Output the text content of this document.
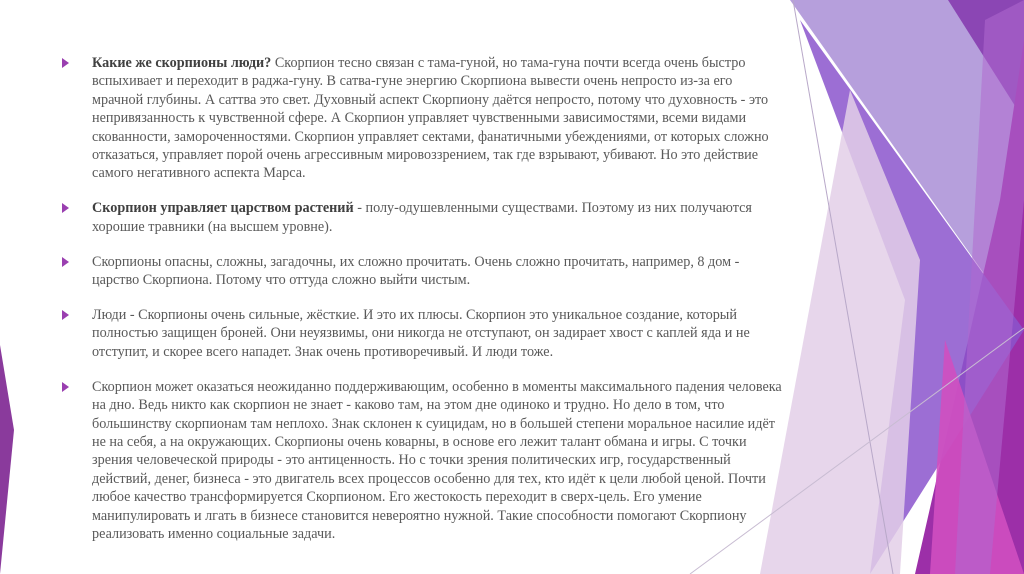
Какие же скорпионы люди? Скорпион тесно связан с тама-гуной, но тама-гуна почти всегда очень быстро вспыхивает и переходит в раджа-гуну. В сатва-гуне энергию Скорпиона вывести очень непросто из-за его мрачной глубины. А саттва это свет. Духовный аспект Скорпиону даётся непросто, потому что духовность - это непривязанность к чувственной сфере. А Скорпион управляет чувственными зависимостями, всеми видами скованности, замороченностями. Скорпион управляет сектами, фанатичными убеждениями, от которых сложно отказаться, управляет порой очень агрессивным мировоззрением, так где взрывают, убивают. Но это действие самого негативного аспекта Марса.
Скорпион управляет царством растений - полу-одушевленными существами. Поэтому из них получаются хорошие травники (на высшем уровне).
Скорпионы опасны, сложны, загадочны, их сложно прочитать. Очень сложно прочитать, например, 8 дом - царство Скорпиона. Потому что оттуда сложно выйти чистым.
Люди - Скорпионы очень сильные, жёсткие. И это их плюсы. Скорпион это уникальное создание, который полностью защищен броней. Они неуязвимы, они никогда не отступают, он задирает хвост с каплей яда и не отступит, и скорее всего нападет. Знак очень противоречивый. И люди тоже.
Скорпион может оказаться неожиданно поддерживающим, особенно в моменты максимального падения человека на дно. Ведь никто как скорпион не знает - каково там, на этом дне одиноко и трудно. Но дело в том, что большинству скорпионам там неплохо. Знак склонен к суицидам, но в большей степени моральное насилие идёт не на себя, а на окружающих. Скорпионы очень коварны, в основе его лежит талант обмана и игры. С точки зрения человеческой природы - это антиценность. Но с точки зрения политических игр, государственный действий, денег, бизнеса - это двигатель всех процессов особенно для тех, кто идёт к цели любой ценой. Почти любое качество трансформируется Скорпионом. Его жестокость переходит в сверх-цель. Его умение манипулировать и лгать в бизнесе становится невероятно нужной. Такие способности помогают Скорпиону реализовать именно социальные задачи.
